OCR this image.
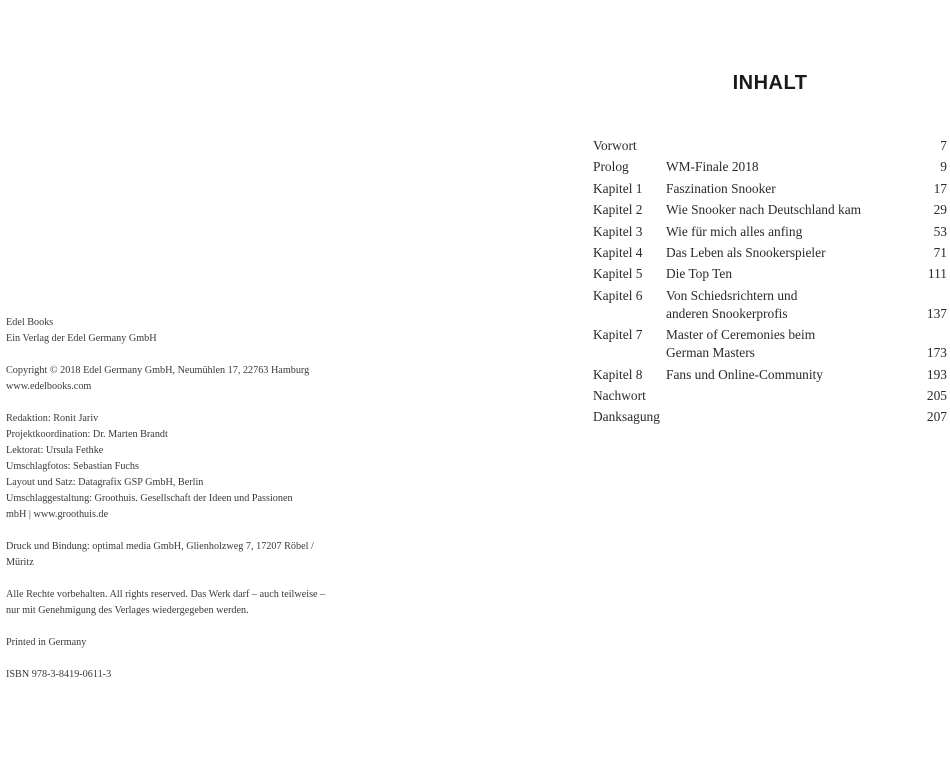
Edel Books
Ein Verlag der Edel Germany GmbH
Copyright © 2018 Edel Germany GmbH, Neumühlen 17, 22763 Hamburg
www.edelbooks.com
Redaktion: Ronit Jariv
Projektkoordination: Dr. Marten Brandt
Lektorat: Ursula Fethke
Umschlagfotos: Sebastian Fuchs
Layout und Satz: Datagrafix GSP GmbH, Berlin
Umschlaggestaltung: Groothuis. Gesellschaft der Ideen und Passionen
mbH | www.groothuis.de
Druck und Bindung: optimal media GmbH, Glienholzweg 7, 17207 Röbel /
Müritz
Alle Rechte vorbehalten. All rights reserved. Das Werk darf – auch teilweise –
nur mit Genehmigung des Verlages wiedergegeben werden.
Printed in Germany
ISBN 978-3-8419-0611-3
INHALT
Vorwort	7
Prolog	WM-Finale 2018	9
Kapitel 1 Faszination Snooker	17
Kapitel 2 Wie Snooker nach Deutschland kam	29
Kapitel 3 Wie für mich alles anfing	53
Kapitel 4 Das Leben als Snookerspieler	71
Kapitel 5 Die Top Ten	111
Kapitel 6 Von Schiedsrichtern und
anderen Snookerprofis	137
Kapitel 7 Master of Ceremonies beim
German Masters	173
Kapitel 8 Fans und Online-Community	193
Nachwort	205
Danksagung	207
